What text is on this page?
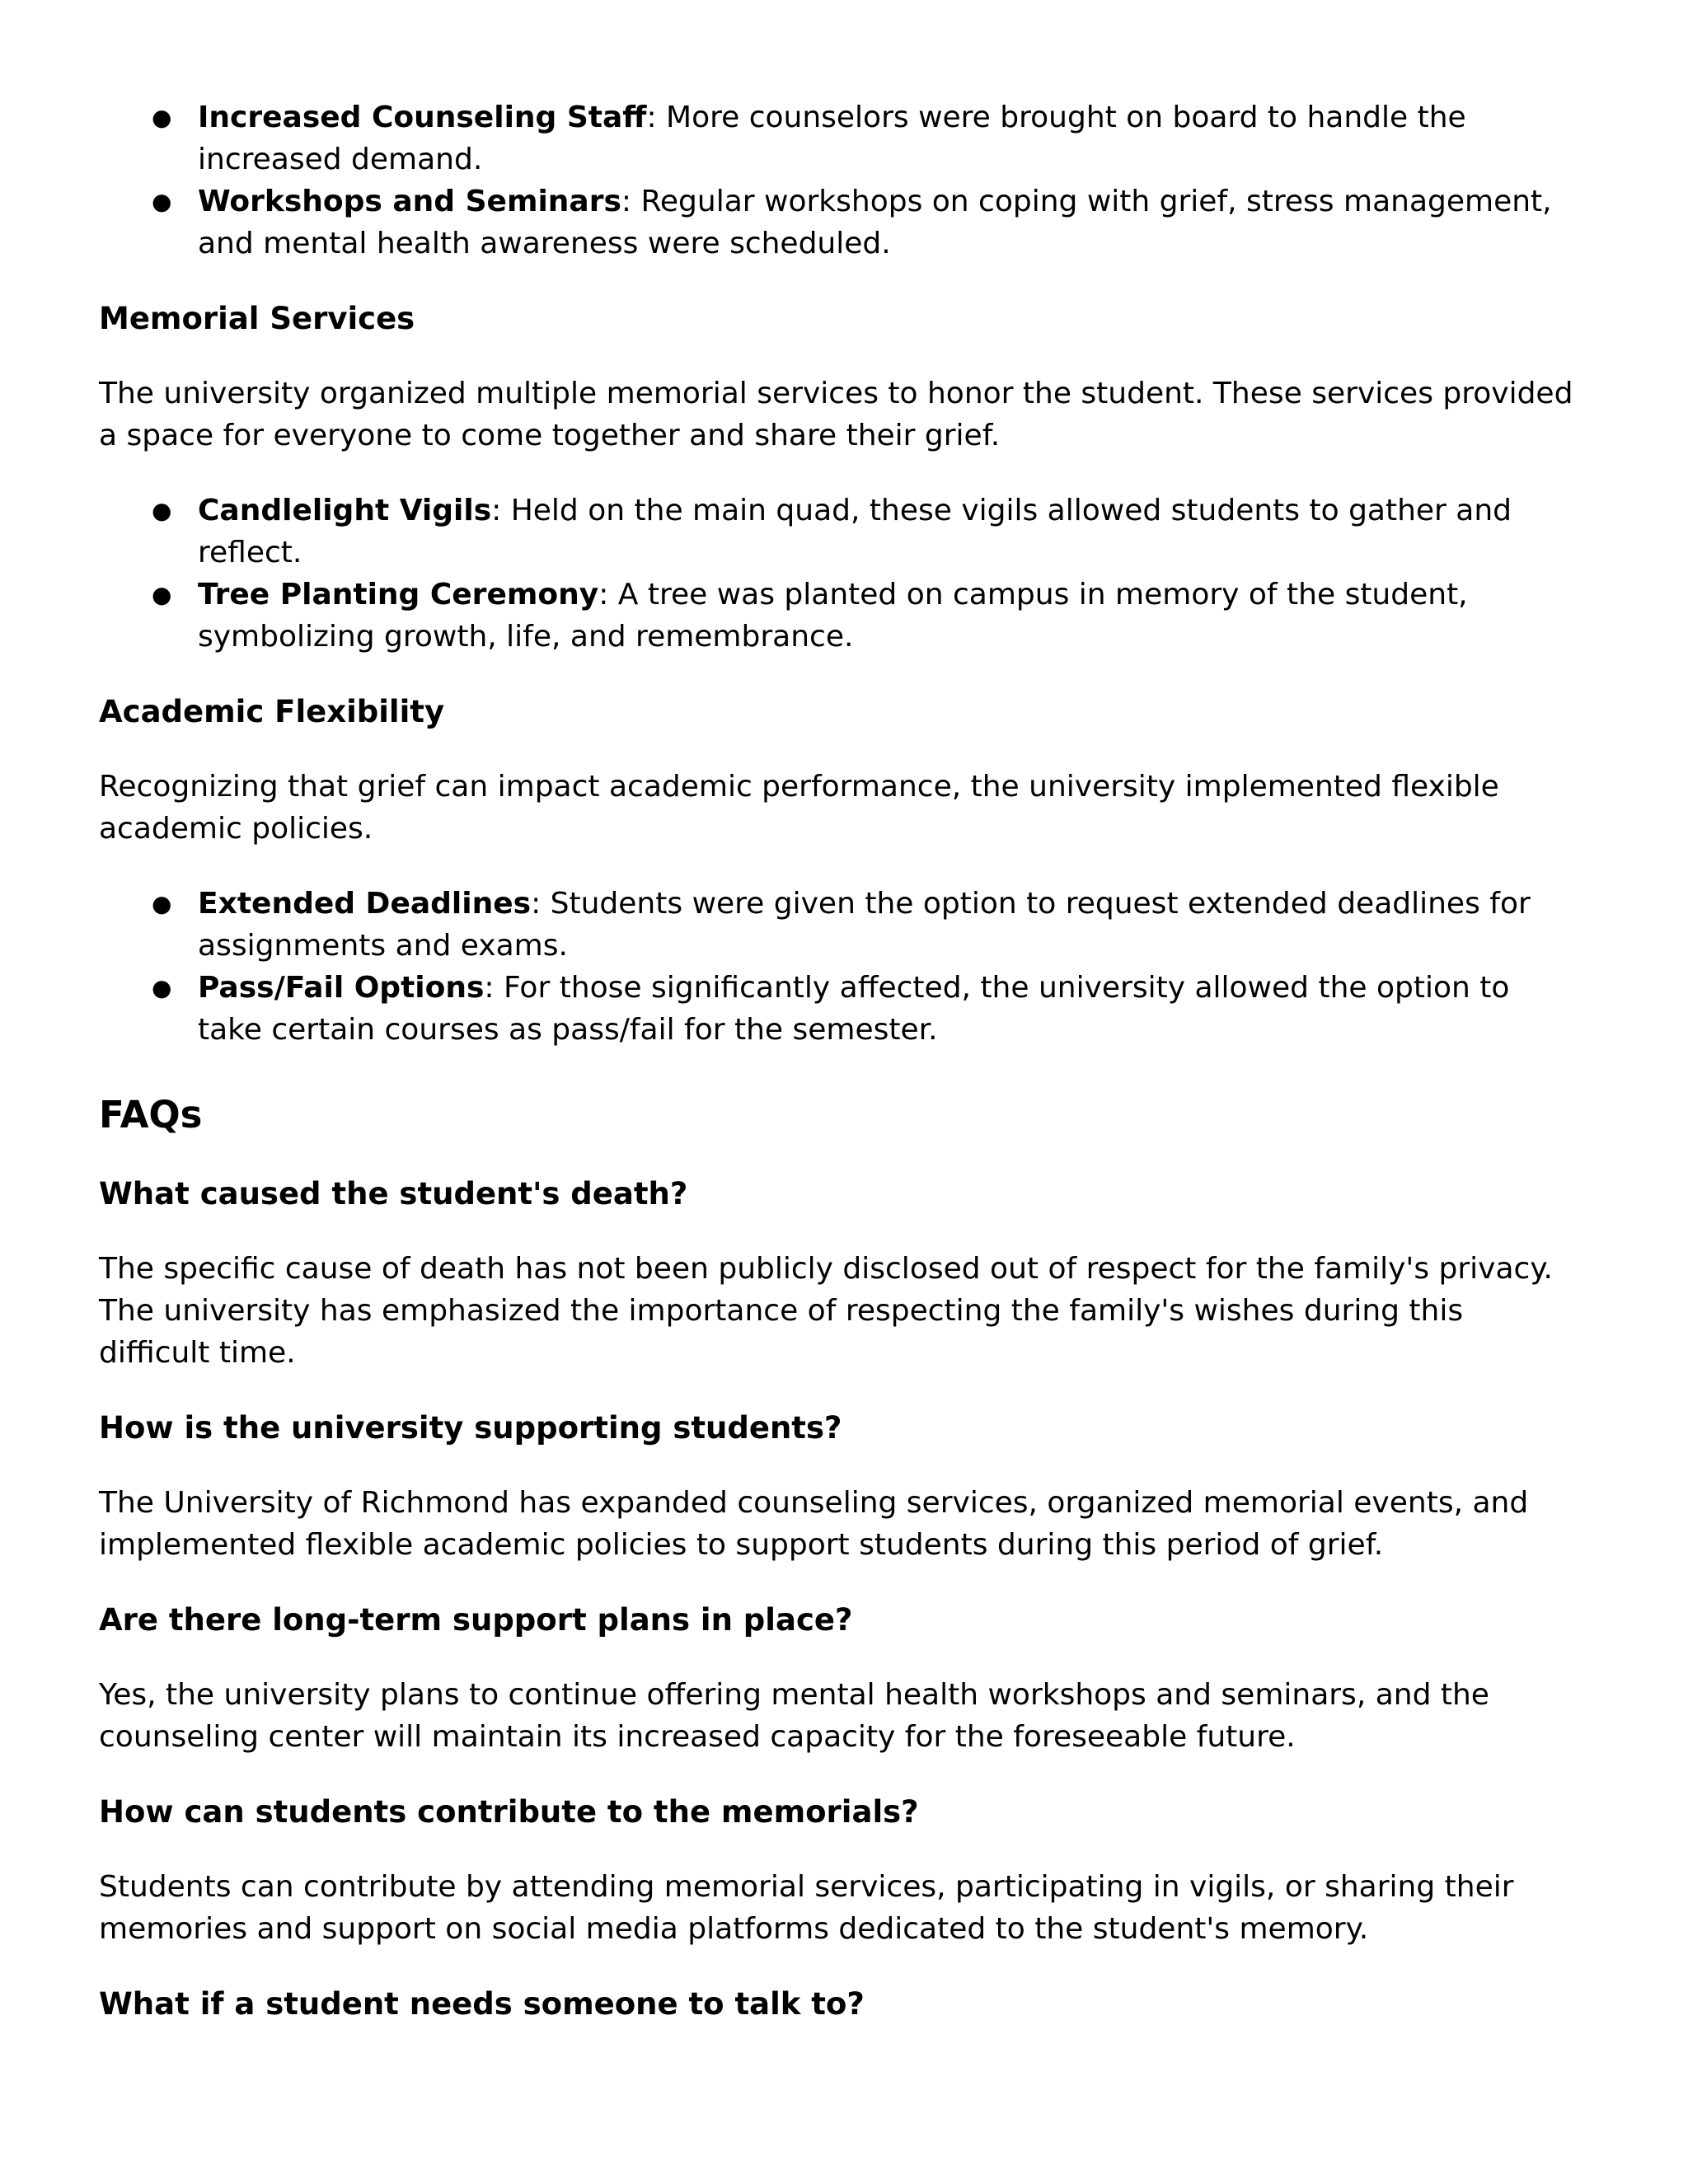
● Increased Counseling Staff: More counselors were brought on board to handle the increased demand.
● Workshops and Seminars: Regular workshops on coping with grief, stress management, and mental health awareness were scheduled.
Memorial Services

The university organized multiple memorial services to honor the student. These services provided a space for everyone to come together and share their grief.

● Candlelight Vigils: Held on the main quad, these vigils allowed students to gather and reflect.
● Tree Planting Ceremony: A tree was planted on campus in memory of the student, symbolizing growth, life, and remembrance.
Academic Flexibility

Recognizing that grief can impact academic performance, the university implemented flexible academic policies.

● Extended Deadlines: Students were given the option to request extended deadlines for assignments and exams.
● Pass/Fail Options: For those significantly affected, the university allowed the option to take certain courses as pass/fail for the semester.
FAQs
What caused the student's death?

The specific cause of death has not been publicly disclosed out of respect for the family's privacy. The university has emphasized the importance of respecting the family's wishes during this difficult time.

How is the university supporting students?

The University of Richmond has expanded counseling services, organized memorial events, and implemented flexible academic policies to support students during this period of grief.

Are there long-term support plans in place?

Yes, the university plans to continue offering mental health workshops and seminars, and the counseling center will maintain its increased capacity for the foreseeable future.

How can students contribute to the memorials?

Students can contribute by attending memorial services, participating in vigils, or sharing their memories and support on social media platforms dedicated to the student's memory.

What if a student needs someone to talk to?
